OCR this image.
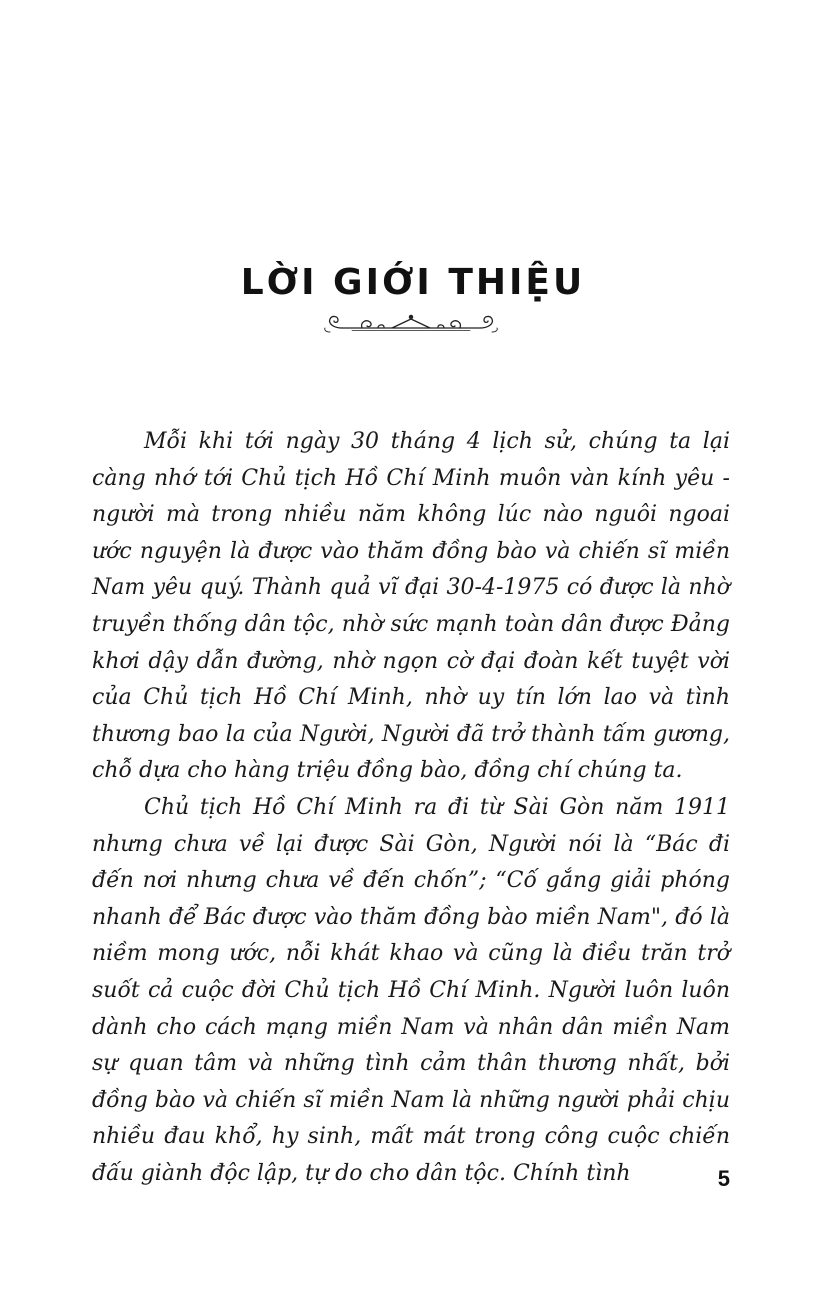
LỜI GIỚI THIỆU

Mỗi khi tới ngày 30 tháng 4 lịch sử, chúng ta lại càng nhớ tới Chủ tịch Hồ Chí Minh muôn vàn kính yêu - người mà trong nhiều năm không lúc nào nguôi ngoai ước nguyện là được vào thăm đồng bào và chiến sĩ miền Nam yêu quý. Thành quả vĩ đại 30-4-1975 có được là nhờ truyền thống dân tộc, nhờ sức mạnh toàn dân được Đảng khơi dậy dẫn đường, nhờ ngọn cờ đại đoàn kết tuyệt vời của Chủ tịch Hồ Chí Minh, nhờ uy tín lớn lao và tình thương bao la của Người, Người đã trở thành tấm gương, chỗ dựa cho hàng triệu đồng bào, đồng chí chúng ta.

Chủ tịch Hồ Chí Minh ra đi từ Sài Gòn năm 1911 nhưng chưa về lại được Sài Gòn, Người nói là “Bác đi đến nơi nhưng chưa về đến chốn”; “Cố gắng giải phóng nhanh để Bác được vào thăm đồng bào miền Nam", đó là niềm mong ước, nỗi khát khao và cũng là điều trăn trở suốt cả cuộc đời Chủ tịch Hồ Chí Minh. Người luôn luôn dành cho cách mạng miền Nam và nhân dân miền Nam sự quan tâm và những tình cảm thân thương nhất, bởi đồng bào và chiến sĩ miền Nam là những người phải chịu nhiều đau khổ, hy sinh, mất mát trong công cuộc chiến đấu giành độc lập, tự do cho dân tộc. Chính tình	5
